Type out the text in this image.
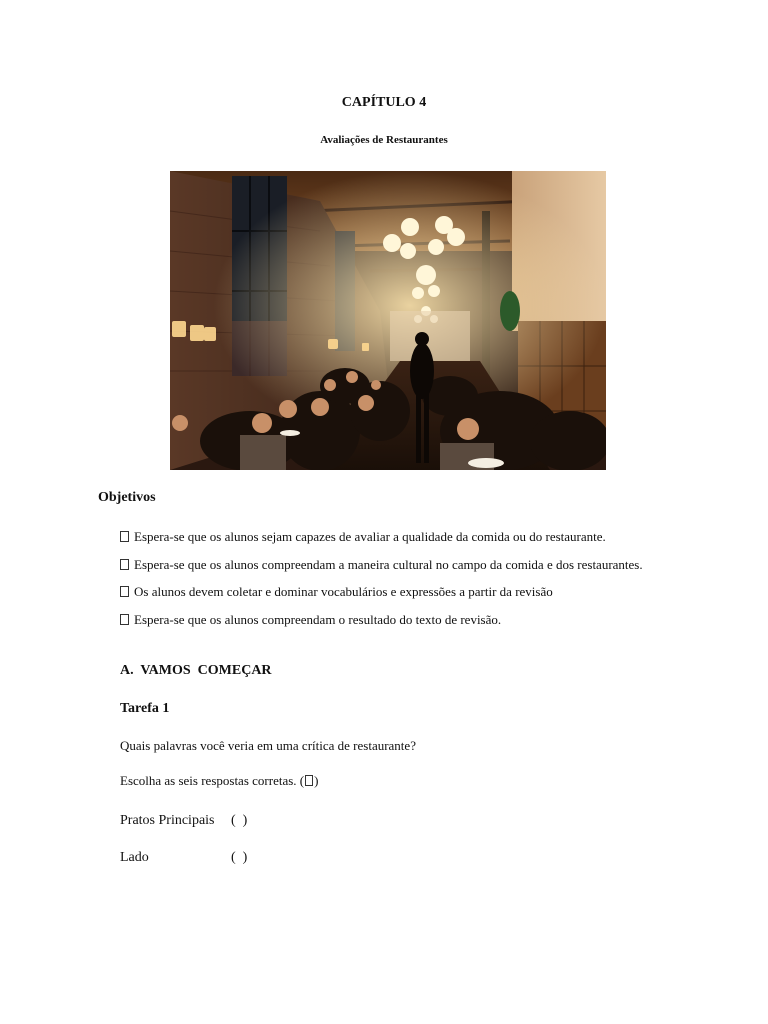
CAPÍTULO 4
Avaliações de Restaurantes
Objetivos
Espera-se que os alunos sejam capazes de avaliar a qualidade da comida ou do restaurante.
Espera-se que os alunos compreendam a maneira cultural no campo da comida e dos restaurantes.
Os alunos devem coletar e dominar vocabulários e expressões a partir da revisão
Espera-se que os alunos compreendam o resultado do texto de revisão.
A.  VAMOS  COMEÇAR
Tarefa 1
Quais palavras você veria em uma crítica de restaurante?
Escolha as seis respostas corretas. ( )
Pratos Principais (  )
Lado	(  )
